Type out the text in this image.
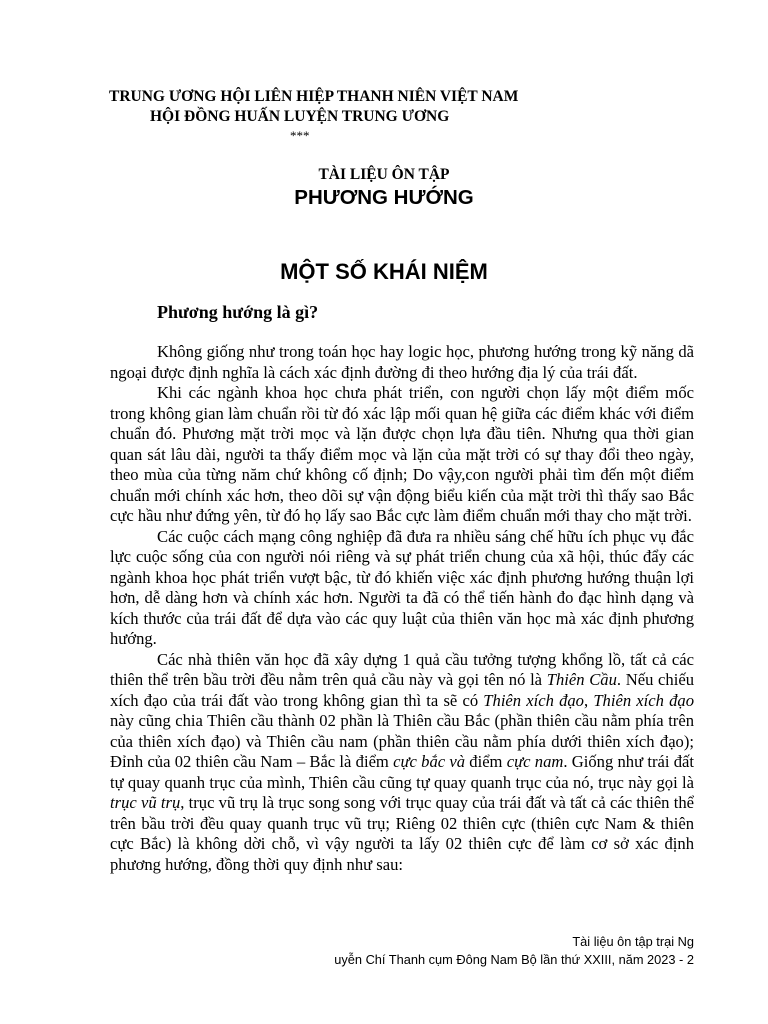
TRUNG ƯƠNG HỘI LIÊN HIỆP THANH NIÊN VIỆT NAM
HỘI ĐỒNG HUẤN LUYỆN TRUNG ƯƠNG
***
TÀI LIỆU ÔN TẬP
PHƯƠNG HƯỚNG
MỘT SỐ KHÁI NIỆM
Phương hướng là gì?

Không giống như trong toán học hay logic học, phương hướng trong kỹ năng dã ngoại được định nghĩa là cách xác định đường đi theo hướng địa lý của trái đất.

Khi các ngành khoa học chưa phát triển, con người chọn lấy một điểm mốc trong không gian làm chuẩn rồi từ đó xác lập mối quan hệ giữa các điểm khác với điểm chuẩn đó. Phương mặt trời mọc và lặn được chọn lựa đầu tiên. Nhưng qua thời gian quan sát lâu dài, người ta thấy điểm mọc và lặn của mặt trời có sự thay đổi theo ngày, theo mùa của từng năm chứ không cố định; Do vậy,con người phải tìm đến một điểm chuẩn mới chính xác hơn, theo dõi sự vận động biểu kiến của mặt trời thì thấy sao Bắc cực hầu như đứng yên, từ đó họ lấy sao Bắc cực làm điểm chuẩn mới thay cho mặt trời.

Các cuộc cách mạng công nghiệp đã đưa ra nhiều sáng chế hữu ích phục vụ đắc lực cuộc sống của con người nói riêng và sự phát triển chung của xã hội, thúc đẩy các ngành khoa học phát triển vượt bậc, từ đó khiến việc xác định phương hướng thuận lợi hơn, dễ dàng hơn và chính xác hơn. Người ta đã có thể tiến hành đo đạc hình dạng và kích thước của trái đất để dựa vào các quy luật của thiên văn học mà xác định phương hướng.

Các nhà thiên văn học đã xây dựng 1 quả cầu tưởng tượng khổng lồ, tất cả các thiên thể trên bầu trời đều nằm trên quả cầu này và gọi tên nó là Thiên Cầu. Nếu chiếu xích đạo của trái đất vào trong không gian thì ta sẽ có Thiên xích đạo, Thiên xích đạo này cũng chia Thiên cầu thành 02 phần là Thiên cầu Bắc (phần thiên cầu nằm phía trên của thiên xích đạo) và Thiên cầu nam (phần thiên cầu nằm phía dưới thiên xích đạo); Đỉnh của 02 thiên cầu Nam – Bắc là điểm cực bắc và điểm cực nam. Giống như trái đất tự quay quanh trục của mình, Thiên cầu cũng tự quay quanh trục của nó, trục này gọi là trục vũ trụ, trục vũ trụ là trục song song với trục quay của trái đất và tất cả các thiên thể trên bầu trời đều quay quanh trục vũ trụ; Riêng 02 thiên cực (thiên cực Nam & thiên cực Bắc) là không dời chỗ, vì vậy người ta lấy 02 thiên cực để làm cơ sở xác định phương hướng, đồng thời quy định như sau:

Tài liệu ôn tập trại Ng
uyễn Chí Thanh cụm Đông Nam Bộ lần thứ XXIII, năm 2023 - 2
